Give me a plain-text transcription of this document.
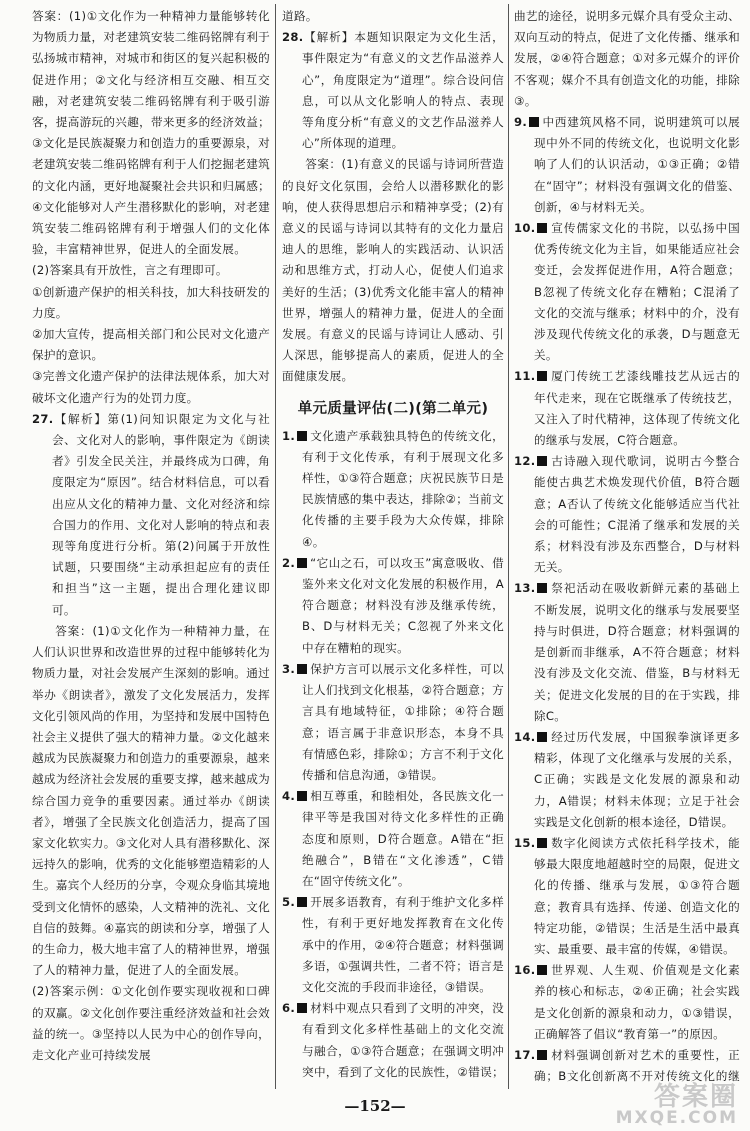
答案：(1)①文化作为一种精神力量能够转化为物质力量，对老建筑安装二维码铭牌有利于弘扬城市精神，对城市和街区的复兴起积极的促进作用；②文化与经济相互交融、相互交融，对老建筑安装二维码铭牌有利于吸引游客，提高游玩的兴趣，带来更多的经济效益；③文化是民族凝聚力和创造力的重要源泉，对老建筑安装二维码铭牌有利于人们挖掘老建筑的文化内涵，更好地凝聚社会共识和归属感；④文化能够对人产生潜移默化的影响，对老建筑安装二维码铭牌有利于增强人们的文化体验，丰富精神世界，促进人的全面发展。
(2)答案具有开放性，言之有理即可。
①创新遗产保护的相关科技，加大科技研发的力度。
②加大宣传，提高相关部门和公民对文化遗产保护的意识。
③完善文化遗产保护的法律法规体系，加大对破坏文化遗产行为的处罚力度。
27.【解析】第(1)问知识限定为文化与社会、文化对人的影响，事件限定为《朗读者》引发全民关注，并最终成为口碑，角度限定为“原因”。结合材料信息，可以看出应从文化的精神力量、文化对经济和综合国力的作用、文化对人影响的特点和表现等角度进行分析。第(2)问属于开放性试题，只要围绕“主动承担起应有的责任和担当”这一主题，提出合理化建议即可。
答案：(1)①文化作为一种精神力量，在人们认识世界和改造世界的过程中能够转化为物质力量，对社会发展产生深刻的影响。通过举办《朗读者》，激发了文化发展活力，发挥文化引领风尚的作用，为坚持和发展中国特色社会主义提供了强大的精神力量。②文化越来越成为民族凝聚力和创造力的重要源泉，越来越成为经济社会发展的重要支撑，越来越成为综合国力竞争的重要因素。通过举办《朗读者》，增强了全民族文化创造活力，提高了国家文化软实力。③文化对人具有潜移默化、深远持久的影响，优秀的文化能够塑造精彩的人生。嘉宾个人经历的分享，令观众身临其境地受到文化情怀的感染，人文精神的洗礼、文化自信的鼓舞。④嘉宾的朗读和分享，增强了人的生命力，极大地丰富了人的精神世界，增强了人的精神力量，促进了人的全面发展。
(2)答案示例：①文化创作要实现收视和口碑的双赢。②文化创作要注重经济效益和社会效益的统一。③坚持以人民为中心的创作导向，走文化产业可持续发展
道路。
28.【解析】本题知识限定为文化生活，事件限定为“有意义的文艺作品滋养人心”，角度限定为“道理”。综合设问信息，可以从文化影响人的特点、表现等角度分析“有意义的文艺作品滋养人心”所体现的道理。
答案：(1)有意义的民谣与诗词所营造的良好文化氛围，会给人以潜移默化的影响，使人获得思想启示和精神享受；(2)有意义的民谣与诗词以其特有的文化力量启迪人的思维，影响人的实践活动、认识活动和思维方式，打动人心，促使人们追求美好的生活；(3)优秀文化能丰富人的精神世界，增强人的精神力量，促进人的全面发展。有意义的民谣与诗词让人感动、引人深思，能够提高人的素质，促进人的全面健康发展。
单元质量评估(二)(第二单元)
1. 文化遗产承载独具特色的传统文化，有利于文化传承，有利于展现文化多样性，①③符合题意；庆祝民族节日是民族情感的集中表达，排除②；当前文化传播的主要手段为大众传媒，排除④。
2. “它山之石，可以攻玉”寓意吸收、借鉴外来文化对文化发展的积极作用，A符合题意；材料没有涉及继承传统，B、D与材料无关；C忽视了外来文化中存在糟粕的现实。
3. 保护方言可以展示文化多样性，可以让人们找到文化根基，②符合题意；方言具有地域特征，①排除；④符合题意；语言属于非意识形态，本身不具有情感色彩，排除①；方言不利于文化传播和信息沟通，③错误。
4. 相互尊重，和睦相处，各民族文化一律平等是我国对待文化多样性的正确态度和原则，D符合题意。A错在“拒绝融合”，B错在“文化渗透”，C错在“固守传统文化”。
5. 开展多语教育，有利于维护文化多样性，有利于更好地发挥教育在文化传承中的作用，②④符合题意；材料强调多语，①强调共性，二者不符；语言是文化交流的手段而非途径，③错误。
6. 材料中观点只看到了文明的冲突，没有看到文化多样性基础上的文化交流与融合，①③符合题意；在强调文明冲突中，看到了文化的民族性，②错误；
曲艺的途径，说明多元媒介具有受众主动、双向互动的特点，促进了文化传播、继承和发展，②④符合题意；①对多元媒介的评价不客观；媒介不具有创造文化的功能，排除③。
9. 中西建筑风格不同，说明建筑可以展现中外不同的传统文化，也说明文化影响了人们的认识活动，①③正确；②错在“固守”；材料没有强调文化的借鉴、创新，④与材料无关。
10. 宣传儒家文化的书院，以弘扬中国优秀传统文化为主旨，如果能适应社会变迁，会发挥促进作用，A符合题意；B忽视了传统文化存在糟粕；C混淆了文化的交流与继承；材料中的介，没有涉及现代传统文化的承袭，D与题意无关。
11. 厦门传统工艺漆线雕技艺从远古的年代走来，现在它既继承了传统技艺，又注入了时代精神，这体现了传统文化的继承与发展，C符合题意。
12. 古诗融入现代歌词，说明古今整合能使古典艺术焕发现代价值，B符合题意；A否认了传统文化能够适应当代社会的可能性；C混淆了继承和发展的关系；材料没有涉及东西整合，D与材料无关。
13. 祭祀活动在吸收新鲜元素的基础上不断发展，说明文化的继承与发展要坚持与时俱进，D符合题意；材料强调的是创新而非继承，A不符合题意；材料没有涉及文化交流、借鉴，B与材料无关；促进文化发展的目的在于实践，排除C。
14. 经过历代发展，中国猴拳演译更多精彩，体现了文化继承与发展的关系，C正确；实践是文化发展的源泉和动力，A错误；材料未体现；立足于社会实践是文化创新的根本途径，D错误。
15. 数字化阅读方式依托科学技术，能够最大限度地超越时空的局限，促进文化的传播、继承与发展，①③符合题意；教育具有选择、传递、创造文化的特定功能，②错误；生活是生活中最真实、最重要、最丰富的传媒，④错误。
16. 世界观、人生观、价值观是文化素养的核心和标志，②④正确；社会实践是文化创新的源泉和动力，①③错误，正确解答了倡议“教育第一”的原因。
17. 材料强调创新对艺术的重要性，正确；B文化创新离不开对传统文化的继
—152—	答案圈
MXQE.COM
